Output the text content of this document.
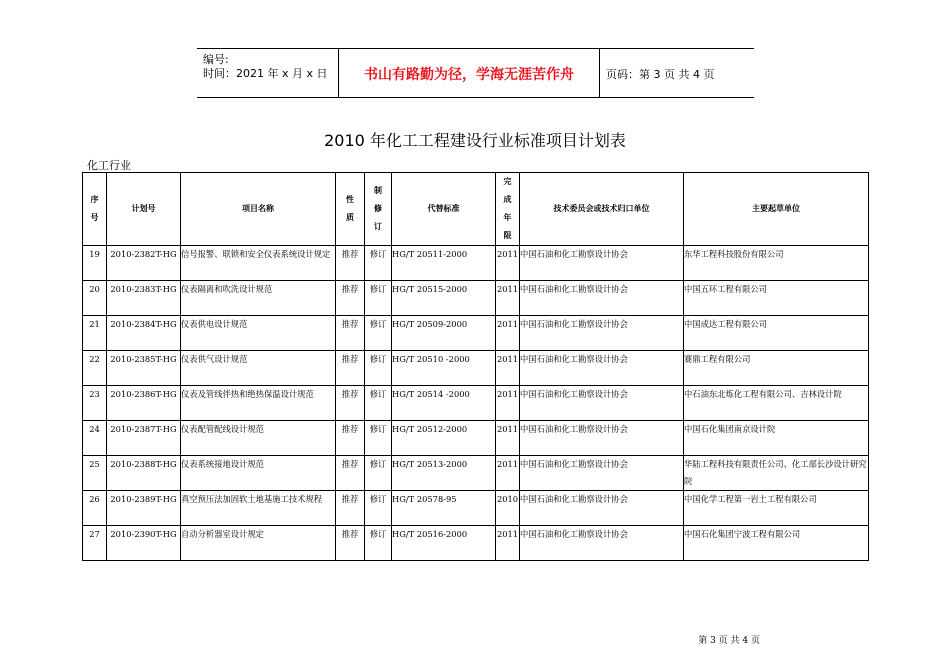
编号:
时间：2021 年 x 月 x 日	书山有路勤为径，学海无涯苦作舟	页码：第 3 页 共 4 页
2010 年化工工程建设行业标准项目计划表
化工行业
序号	计划号	项目名称	性质	制修订	代替标准	完成年限	技术委员会或技术归口单位	主要起草单位
19	2010-2382T-HG	信号报警、联锁和安全仪表系统设计规定	推荐	修订	HG/T 20511-2000	2011	中国石油和化工勘察设计协会	东华工程科技股份有限公司
20	2010-2383T-HG	仪表隔离和吹洗设计规范	推荐	修订	HG/T 20515-2000	2011	中国石油和化工勘察设计协会	中国五环工程有限公司
21	2010-2384T-HG	仪表供电设计规范	推荐	修订	HG/T 20509-2000	2011	中国石油和化工勘察设计协会	中国成达工程有限公司
22	2010-2385T-HG	仪表供气设计规范	推荐	修订	HG/T 20510 -2000	2011	中国石油和化工勘察设计协会	赛鼎工程有限公司
23	2010-2386T-HG	仪表及管线伴热和绝热保温设计规范	推荐	修订	HG/T 20514 -2000	2011	中国石油和化工勘察设计协会	中石油东北炼化工程有限公司、吉林设计院
24	2010-2387T-HG	仪表配管配线设计规范	推荐	修订	HG/T 20512-2000	2011	中国石油和化工勘察设计协会	中国石化集团南京设计院
25	2010-2388T-HG	仪表系统接地设计规范	推荐	修订	HG/T 20513-2000	2011	中国石油和化工勘察设计协会	华陆工程科技有限责任公司、化工部长沙设计研究院
26	2010-2389T-HG	真空预压法加固软土地基施工技术规程	推荐	修订	HG/T 20578-95	2010	中国石油和化工勘察设计协会	中国化学工程第一岩土工程有限公司
27	2010-2390T-HG	自动分析器室设计规定	推荐	修订	HG/T 20516-2000	2011	中国石油和化工勘察设计协会	中国石化集团宁波工程有限公司
第 3 页 共 4 页
